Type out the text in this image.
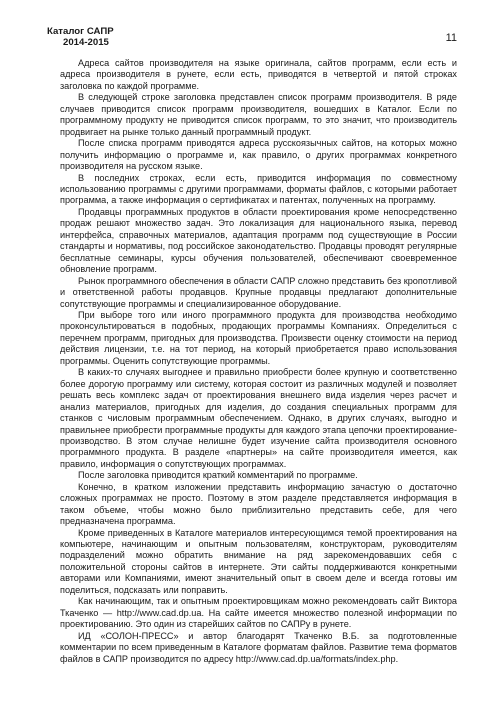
Каталог САПР
2014-2015	11

Адреса сайтов производителя на языке оригинала, сайтов программ, если есть и адреса производителя в рунете, если есть, приводятся в четвертой и пятой строках заголовка по каждой программе.

В следующей строке заголовка представлен список программ производителя. В ряде случаев приводится список программ производителя, вошедших в Каталог. Если по программному продукту не приводится список программ, то это значит, что производитель продвигает на рынке только данный программный продукт.

После списка программ приводятся адреса русскоязычных сайтов, на которых можно получить информацию о программе и, как правило, о других программах конкретного производителя на русском языке.

В последних строках, если есть, приводится информация по совместному использованию программы с другими программами, форматы файлов, с которыми работает программа, а также информация о сертификатах и патентах, полученных на программу.

Продавцы программных продуктов в области проектирования кроме непосредственно продаж решают множество задач. Это локализация для национального языка, перевод интерфейса, справочных материалов, адаптация программ под существующие в России стандарты и нормативы, под российское законодательство. Продавцы проводят регулярные бесплатные семинары, курсы обучения пользователей, обеспечивают своевременное обновление программ.

Рынок программного обеспечения в области САПР сложно представить без кропотливой и ответственной работы продавцов. Крупные продавцы предлагают дополнительные сопутствующие программы и специализированное оборудование.

При выборе того или иного программного продукта для производства необходимо проконсультироваться в подобных, продающих программы Компаниях. Определиться с перечнем программ, пригодных для производства. Произвести оценку стоимости на период действия лицензии, т.е. на тот период, на который приобретается право использования программы. Оценить сопутствующие программы.

В каких-то случаях выгоднее и правильно приобрести более крупную и соответственно более дорогую программу или систему, которая состоит из различных модулей и позволяет решать весь комплекс задач от проектирования внешнего вида изделия через расчет и анализ материалов, пригодных для изделия, до создания специальных программ для станков с числовым программным обеспечением. Однако, в других случаях, выгодно и правильнее приобрести программные продукты для каждого этапа цепочки проектирование-производство. В этом случае нелишне будет изучение сайта производителя основного программного продукта. В разделе «партнеры» на сайте производителя имеется, как правило, информация о сопутствующих программах.

После заголовка приводится краткий комментарий по программе.

Конечно, в кратком изложении представить информацию зачастую о достаточно сложных программах не просто. Поэтому в этом разделе представляется информация в таком объеме, чтобы можно было приблизительно представить себе, для чего предназначена программа.

Кроме приведенных в Каталоге материалов интересующимся темой проектирования на компьютере, начинающим и опытным пользователям, конструкторам, руководителям подразделений можно обратить внимание на ряд зарекомендовавших себя с положительной стороны сайтов в интернете. Эти сайты поддерживаются конкретными авторами или Компаниями, имеют значительный опыт в своем деле и всегда готовы им поделиться, подсказать или поправить.

Как начинающим, так и опытным проектировщикам можно рекомендовать сайт Виктора Ткаченко — http://www.cad.dp.ua. На сайте имеется множество полезной информации по проектированию. Это один из старейших сайтов по САПРу в рунете.

ИД «СОЛОН-ПРЕСС» и автор благодарят Ткаченко В.Б. за подготовленные комментарии по всем приведенным в Каталоге форматам файлов. Развитие тема форматов файлов в САПР производится по адресу http://www.cad.dp.ua/formats/index.php.
